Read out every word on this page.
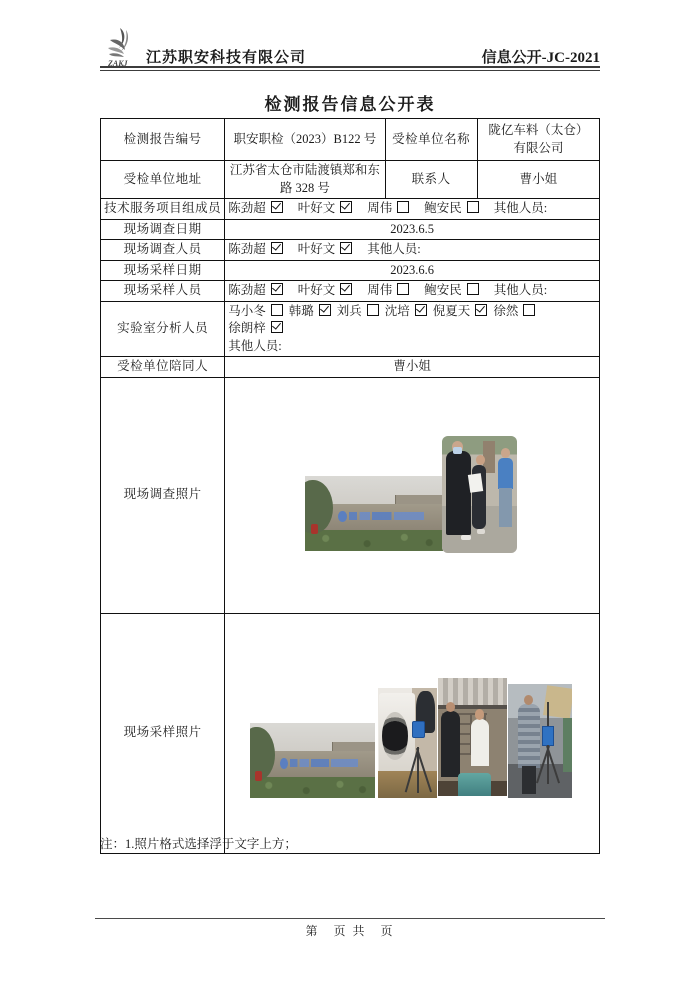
ZAKJ 江苏职安科技有限公司	信息公开-JC-2021
检测报告信息公开表
检测报告编号	职安职检（2023）B122 号	受检单位名称	陇亿车料（太仓） 有限公司
受检单位地址	江苏省太仓市陆渡镇郑和东路 328 号	联系人	曹小姐
技术服务项目组成员	陈劲超 叶好文 周伟 鲍安民 其他人员:		
现场调查日期	2023.6.5		
现场调查人员	陈劲超 叶好文 其他人员:		
现场采样日期	2023.6.6		
现场采样人员	陈劲超 叶好文 周伟 鲍安民 其他人员:		
实验室分析人员	马小冬 韩璐 刘兵 沈培 倪夏天 徐然徐朗梓
其他人员:		

受检单位陪同人	曹小姐		
现场调查照片			

现场采样照片			
注：1.照片格式选择浮于文字上方；
第　页 共　页
